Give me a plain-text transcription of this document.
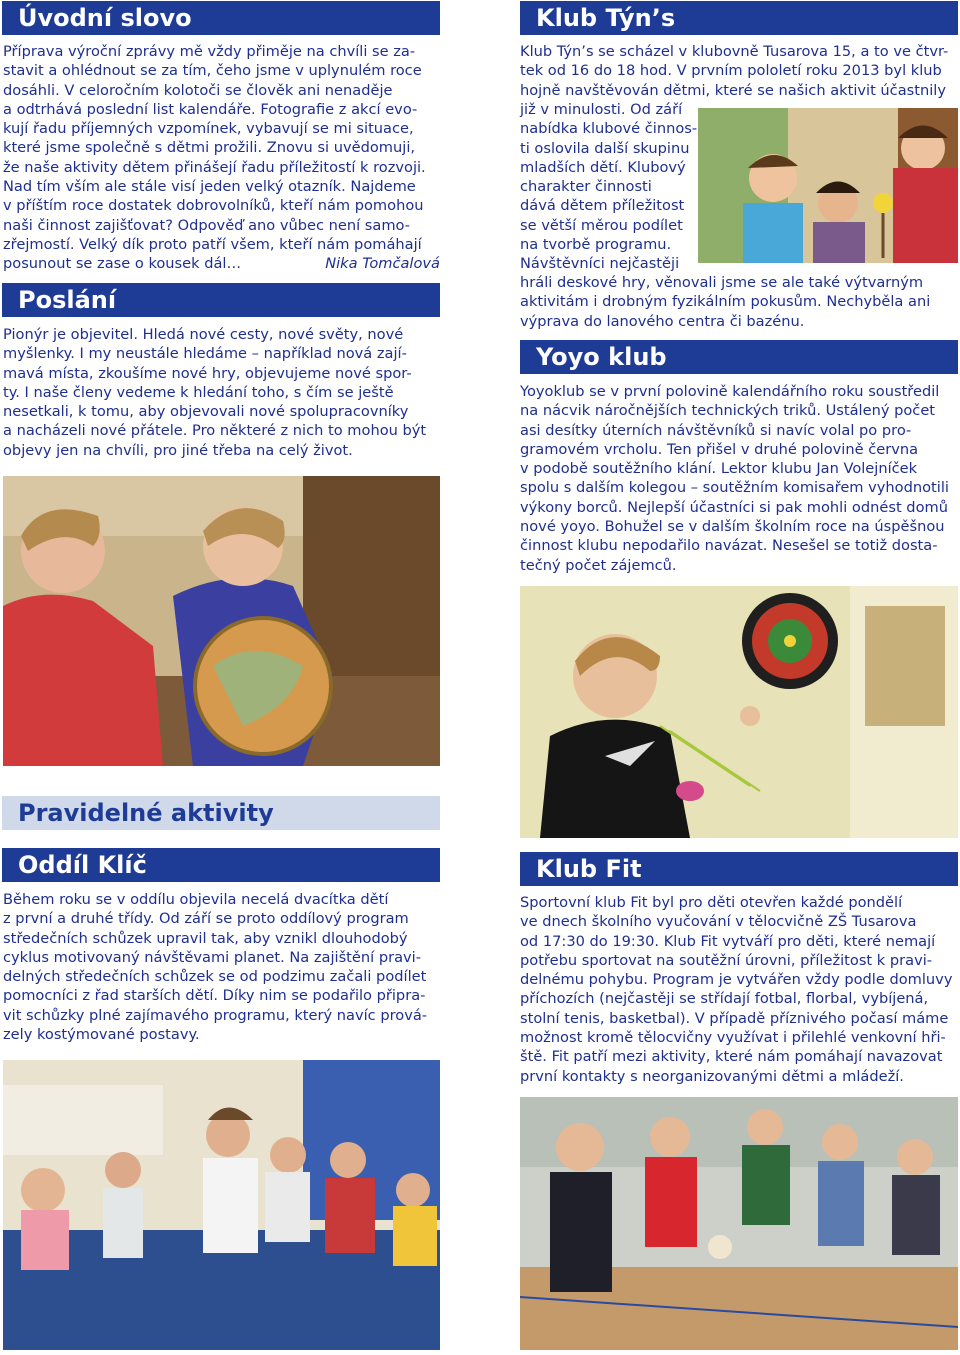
Úvodní slovo
Příprava výroční zprávy mě vždy přiměje na chvíli se za-
stavit a ohlédnout se za tím, čeho jsme v uplynulém roce
dosáhli. V celoročním kolotoči se člověk ani nenaděje
a odtrhává poslední list kalendáře. Fotografie z akcí evo-
kují řadu příjemných vzpomínek, vybavují se mi situace,
které jsme společně s dětmi prožili. Znovu si uvědomuji,
že naše aktivity dětem přinášejí řadu příležitostí k rozvoji.
Nad tím vším ale stále visí jeden velký otazník. Najdeme
v příštím roce dostatek dobrovolníků, kteří nám pomohou
naši činnost zajišťovat? Odpověď ano vůbec není samo-
zřejmostí. Velký dík proto patří všem, kteří nám pomáhají
posunout se zase o kousek dál…	Nika Tomčalová
Poslání
Pionýr je objevitel. Hledá nové cesty, nové světy, nové
myšlenky. I my neustále hledáme – například nová zají-
mavá místa, zkoušíme nové hry, objevujeme nové spor-
ty. I naše členy vedeme k hledání toho, s čím se ještě
nesetkali, k tomu, aby objevovali nové spolupracovníky
a nacházeli nové přátele. Pro některé z nich to mohou být
objevy jen na chvíli, pro jiné třeba na celý život.
Pravidelné aktivity
Oddíl Klíč
Během roku se v oddílu objevila necelá dvacítka dětí
z první a druhé třídy. Od září se proto oddílový program
středečních schůzek upravil tak, aby vznikl dlouhodobý
cyklus motivovaný návštěvami planet. Na zajištění pravi-
delných středečních schůzek se od podzimu začali podílet
pomocníci z řad starších dětí. Díky nim se podařilo připra-
vit schůzky plné zajímavého programu, který navíc prová-
zely kostýmované postavy.
Klub Týn’s
Klub Týn’s se scházel v klubovně Tusarova 15, a to ve čtvr-
tek od 16 do 18 hod. V prvním pololetí roku 2013 byl klub
hojně navštěvován dětmi, které se našich aktivit účastnily
již v minulosti. Od září
nabídka klubové činnos-
ti oslovila další skupinu
mladších dětí. Klubový
charakter činnosti
dává dětem příležitost
se větší měrou podílet
na tvorbě programu.
Návštěvníci nejčastěji
hráli deskové hry, věnovali jsme se ale také výtvarným
aktivitám i drobným fyzikálním pokusům. Nechyběla ani
výprava do lanového centra či bazénu.
Yoyo klub
Yoyoklub se v první polovině kalendářního roku soustředil
na nácvik náročnějších technických triků. Ustálený počet
asi desítky úterních návštěvníků si navíc volal po pro-
gramovém vrcholu. Ten přišel v druhé polovině června
v podobě soutěžního klání. Lektor klubu Jan Volejníček
spolu s dalším kolegou – soutěžním komisařem vyhodnotili
výkony borců. Nejlepší účastníci si pak mohli odnést domů
nové yoyo. Bohužel se v dalším školním roce na úspěšnou
činnost klubu nepodařilo navázat. Nesešel se totiž dosta-
tečný počet zájemců.
Klub Fit
Sportovní klub Fit byl pro děti otevřen každé pondělí
ve dnech školního vyučování v tělocvičně ZŠ Tusarova
od 17:30 do 19:30. Klub Fit vytváří pro děti, které nemají
potřebu sportovat na soutěžní úrovni, příležitost k pravi-
delnému pohybu. Program je vytvářen vždy podle domluvy
příchozích (nejčastěji se střídají fotbal, florbal, vybíjená,
stolní tenis, basketbal). V případě příznivého počasí máme
možnost kromě tělocvičny využívat i přilehlé venkovní hři-
ště. Fit patří mezi aktivity, které nám pomáhají navazovat
první kontakty s neorganizovanými dětmi a mládeží.
